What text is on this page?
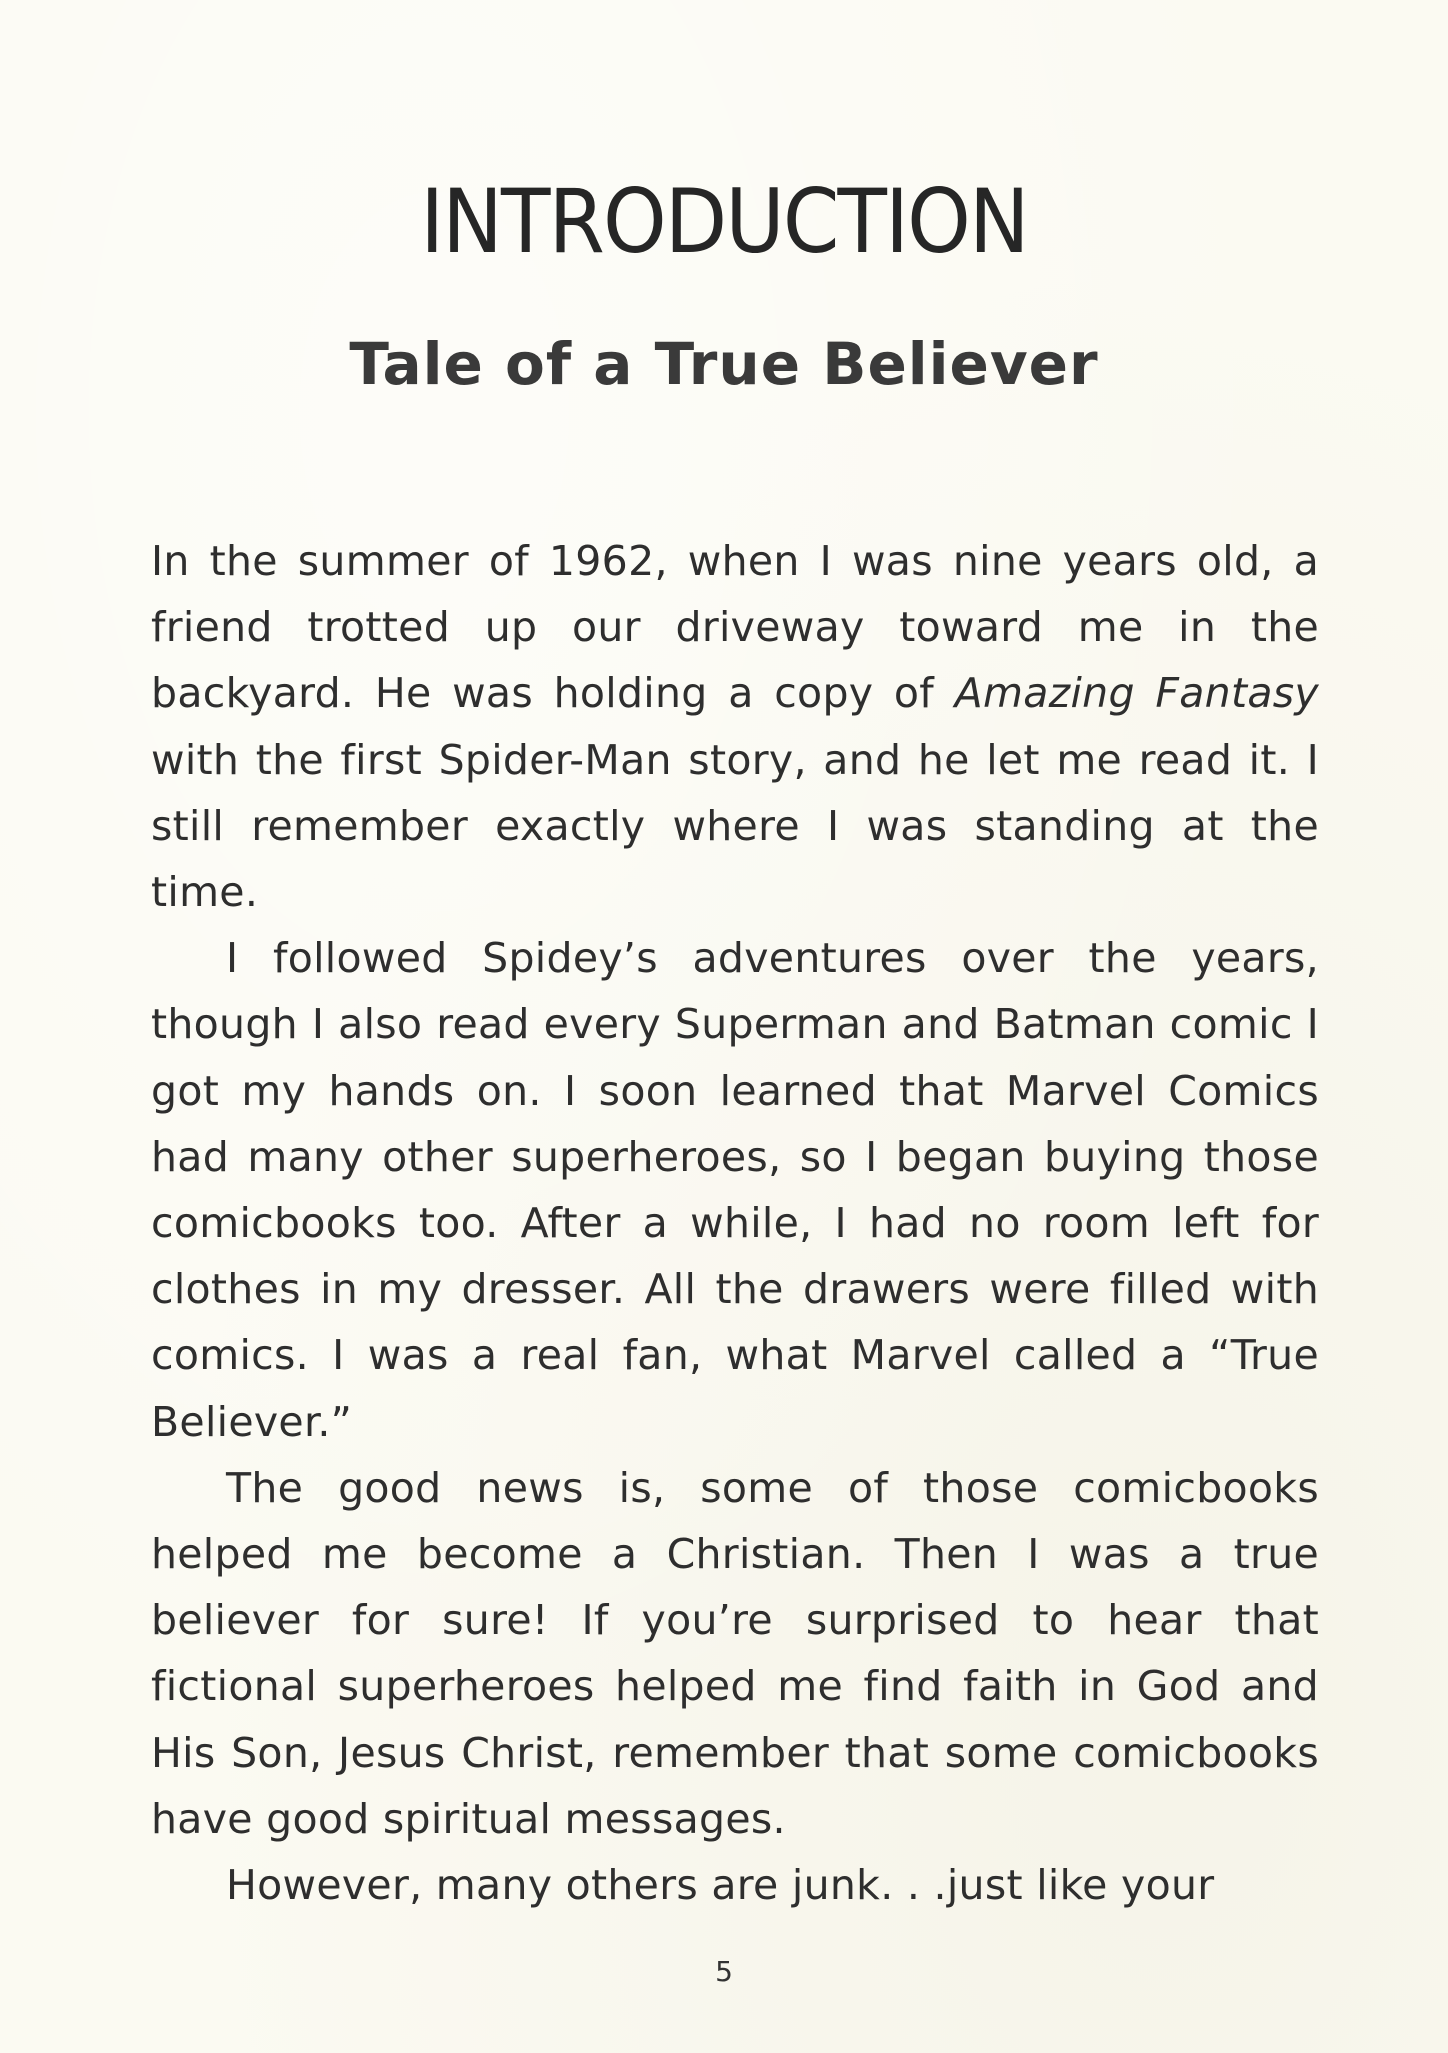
INTRODUCTION
Tale of a True Believer

In the summer of 1962, when I was nine years old, a friend trotted up our driveway toward me in the backyard. He was holding a copy of Amazing Fantasy with the first Spider-Man story, and he let me read it. I still remember exactly where I was standing at the time.

I followed Spidey’s adventures over the years, though I also read every Superman and Batman comic I got my hands on. I soon learned that Marvel Comics had many other superheroes, so I began buying those comicbooks too. After a while, I had no room left for clothes in my dresser. All the drawers were filled with comics. I was a real fan, what Marvel called a “True Believer.”

The good news is, some of those comicbooks helped me become a Christian. Then I was a true believer for sure! If you’re surprised to hear that fictional superheroes helped me find faith in God and His Son, Jesus Christ, remember that some comicbooks have good spiritual messages.

However, many others are junk. . .just like your

5
